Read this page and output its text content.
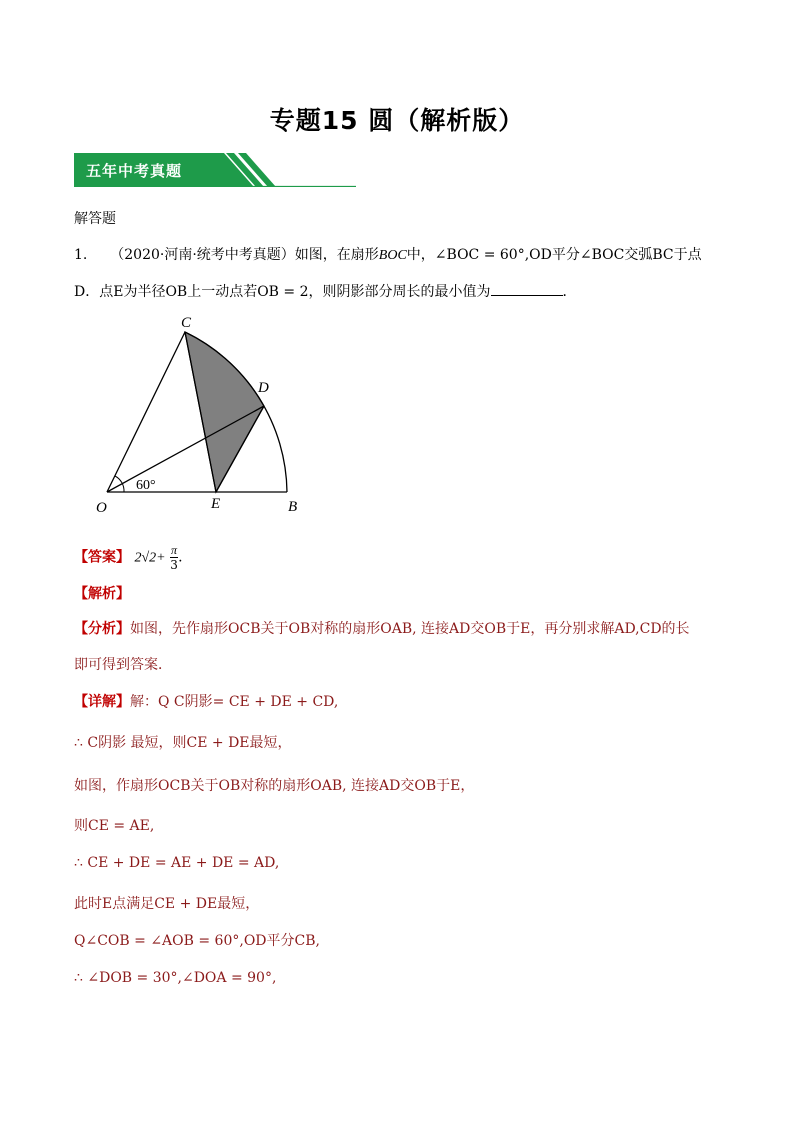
专题15 圆（解析版）
五年中考真题
解答题
1. （2020·河南·统考中考真题）如图，在扇形BOC中，∠BOC = 60°,OD平分∠BOC交弧BC于点
D．点E为半径OB上一动点若OB = 2，则阴影部分周长的最小值为	．
C
D
O	E	B
60°
【答案】 $2√2+ \frac{\pi}{3}$ .
【解析】
【分析】如图，先作扇形OCB关于OB对称的扇形OAB, 连接AD交OB于E，再分别求解AD,CD的长
即可得到答案．
【详解】解：Q C阴影= CE + DE + CD,
∴ C阴影 最短，则CE + DE最短，
如图，作扇形OCB关于OB对称的扇形OAB, 连接AD交OB于E，
则CE = AE,
∴ CE + DE = AE + DE = AD,
此时E点满足CE + DE最短，
Q∠COB = ∠AOB = 60°,OD平分CB,
∴ ∠DOB = 30°,∠DOA = 90°,
